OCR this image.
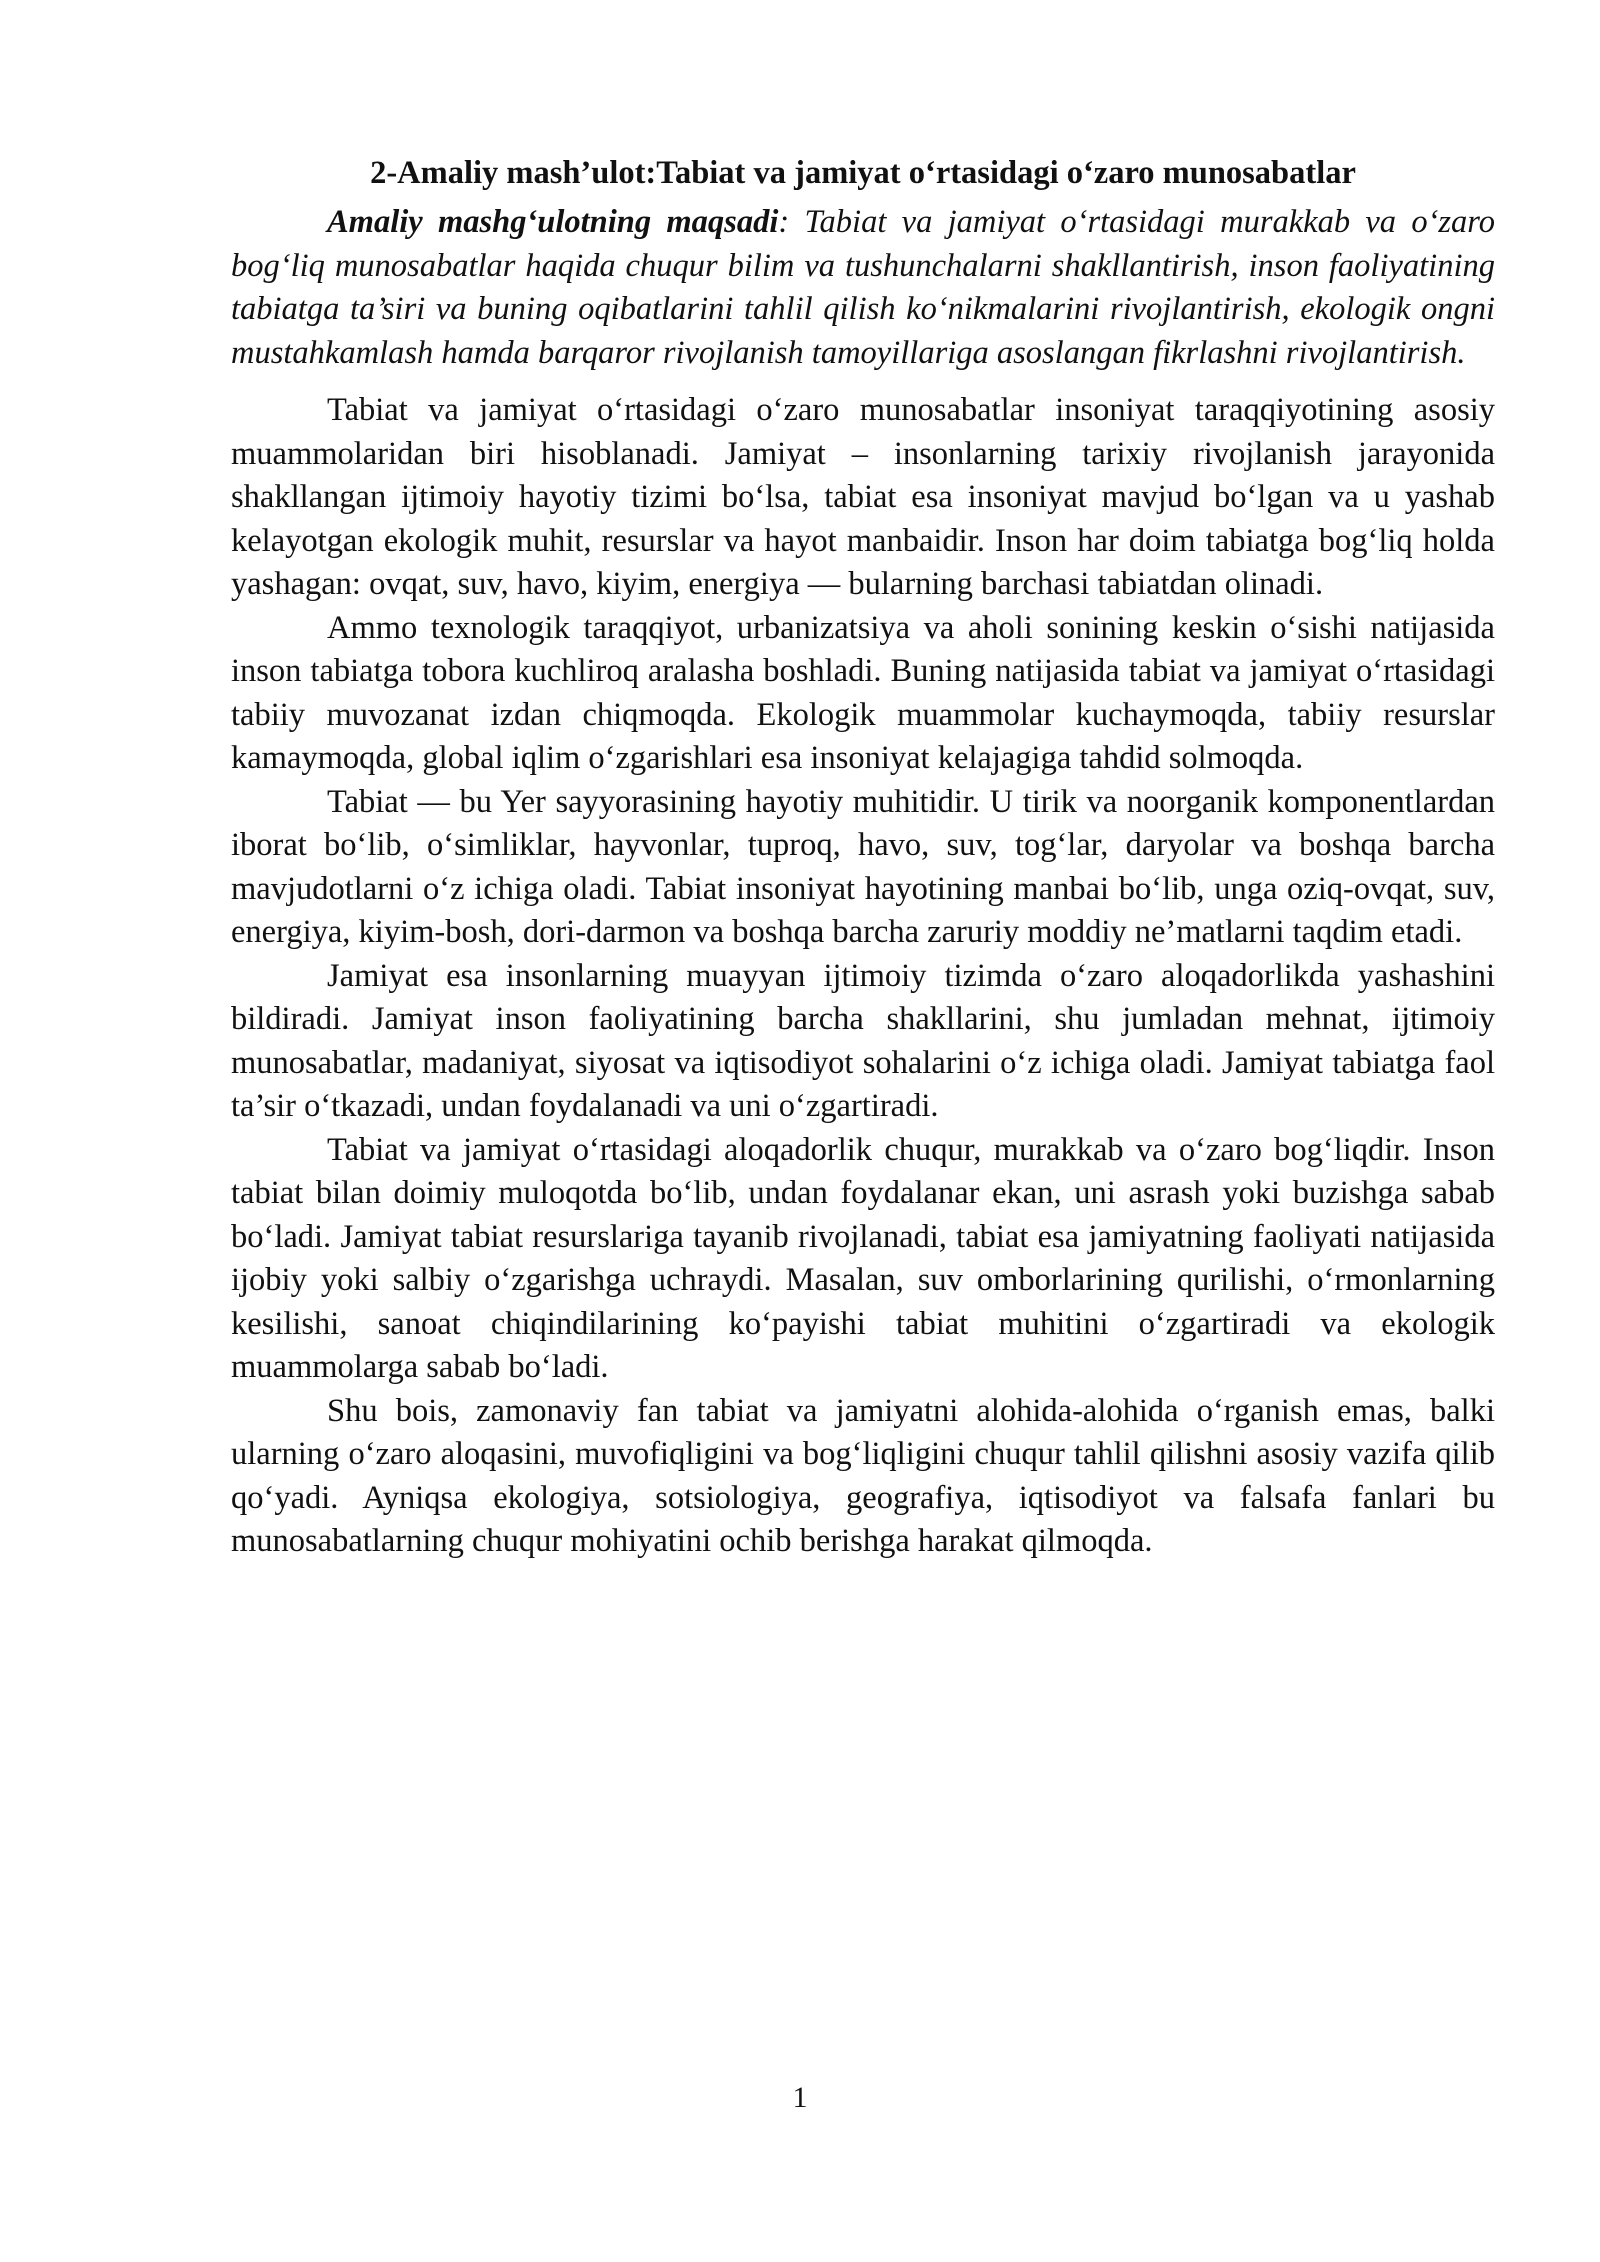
2-Amaliy mash’ulot:Tabiat va jamiyat o‘rtasidagi o‘zaro munosabatlar

Amaliy mashg‘ulotning maqsadi: Tabiat va jamiyat o‘rtasidagi murakkab va o‘zaro bog‘liq munosabatlar haqida chuqur bilim va tushunchalarni shakllantirish, inson faoliyatining tabiatga ta’siri va buning oqibatlarini tahlil qilish ko‘nikmalarini rivojlantirish, ekologik ongni mustahkamlash hamda barqaror rivojlanish tamoyillariga asoslangan fikrlashni rivojlantirish.

Tabiat va jamiyat o‘rtasidagi o‘zaro munosabatlar insoniyat taraqqiyotining asosiy muammolaridan biri hisoblanadi. Jamiyat – insonlarning tarixiy rivojlanish jarayonida shakllangan ijtimoiy hayotiy tizimi bo‘lsa, tabiat esa insoniyat mavjud bo‘lgan va u yashab kelayotgan ekologik muhit, resurslar va hayot manbaidir. Inson har doim tabiatga bog‘liq holda yashagan: ovqat, suv, havo, kiyim, energiya — bularning barchasi tabiatdan olinadi.

Ammo texnologik taraqqiyot, urbanizatsiya va aholi sonining keskin o‘sishi natijasida inson tabiatga tobora kuchliroq aralasha boshladi. Buning natijasida tabiat va jamiyat o‘rtasidagi tabiiy muvozanat izdan chiqmoqda. Ekologik muammolar kuchaymoqda, tabiiy resurslar kamaymoqda, global iqlim o‘zgarishlari esa insoniyat kelajagiga tahdid solmoqda.

Tabiat — bu Yer sayyorasining hayotiy muhitidir. U tirik va noorganik komponentlardan iborat bo‘lib, o‘simliklar, hayvonlar, tuproq, havo, suv, tog‘lar, daryolar va boshqa barcha mavjudotlarni o‘z ichiga oladi. Tabiat insoniyat hayotining manbai bo‘lib, unga oziq-ovqat, suv, energiya, kiyim-bosh, dori-darmon va boshqa barcha zaruriy moddiy ne’matlarni taqdim etadi.

Jamiyat esa insonlarning muayyan ijtimoiy tizimda o‘zaro aloqadorlikda yashashini bildiradi. Jamiyat inson faoliyatining barcha shakllarini, shu jumladan mehnat, ijtimoiy munosabatlar, madaniyat, siyosat va iqtisodiyot sohalarini o‘z ichiga oladi. Jamiyat tabiatga faol ta’sir o‘tkazadi, undan foydalanadi va uni o‘zgartiradi.

Tabiat va jamiyat o‘rtasidagi aloqadorlik chuqur, murakkab va o‘zaro bog‘liqdir. Inson tabiat bilan doimiy muloqotda bo‘lib, undan foydalanar ekan, uni asrash yoki buzishga sabab bo‘ladi. Jamiyat tabiat resurslariga tayanib rivojlanadi, tabiat esa jamiyatning faoliyati natijasida ijobiy yoki salbiy o‘zgarishga uchraydi. Masalan, suv omborlarining qurilishi, o‘rmonlarning kesilishi, sanoat chiqindilarining ko‘payishi tabiat muhitini o‘zgartiradi va ekologik muammolarga sabab bo‘ladi.

Shu bois, zamonaviy fan tabiat va jamiyatni alohida-alohida o‘rganish emas, balki ularning o‘zaro aloqasini, muvofiqligini va bog‘liqligini chuqur tahlil qilishni asosiy vazifa qilib qo‘yadi. Ayniqsa ekologiya, sotsiologiya, geografiya, iqtisodiyot va falsafa fanlari bu munosabatlarning chuqur mohiyatini ochib berishga harakat qilmoqda.

1
